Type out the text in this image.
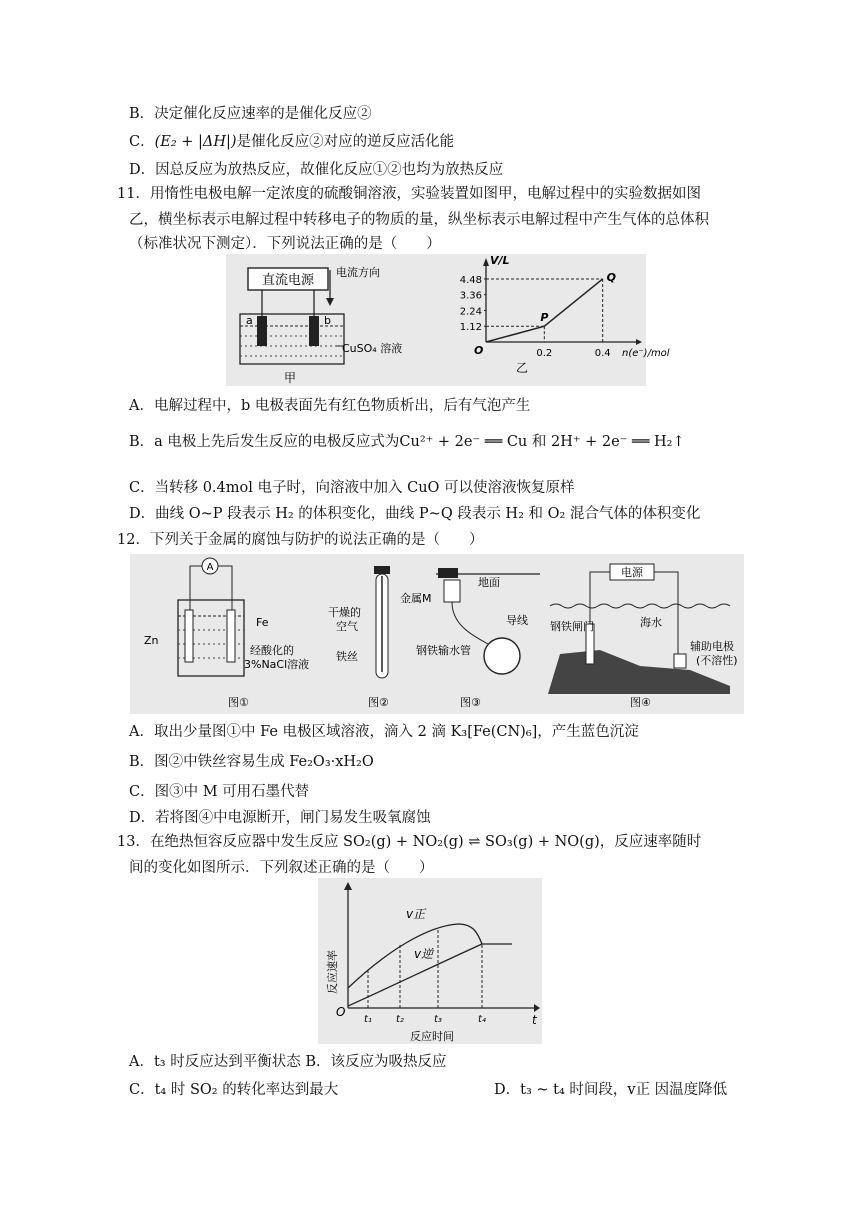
B．决定催化反应速率的是催化反应②
C．(E₂ + |ΔH|)是催化反应②对应的逆反应活化能
D．因总反应为放热反应，故催化反应①②也均为放热反应
11．用惰性电极电解一定浓度的硫酸铜溶液，实验装置如图甲，电解过程中的实验数据如图
乙，横坐标表示电解过程中转移电子的物质的量，纵坐标表示电解过程中产生气体的总体积
（标准状况下测定）．下列说法正确的是（　　）
直流电源
电流方向
a	b
CuSO₄ 溶液
甲
V/L
n(e⁻)/mol
O
1.12
2.24
3.36
4.48
0.2	0.4
P
Q
乙
A．电解过程中，b 电极表面先有红色物质析出，后有气泡产生
B．a 电极上先后发生反应的电极反应式为Cu²⁺ + 2e⁻ ══ Cu 和 2H⁺ + 2e⁻ ══ H₂↑
C．当转移 0.4mol 电子时，向溶液中加入 CuO 可以使溶液恢复原样
D．曲线 O~P 段表示 H₂ 的体积变化，曲线 P~Q 段表示 H₂ 和 O₂ 混合气体的体积变化
12．下列关于金属的腐蚀与防护的说法正确的是（　　）
A
Fe
Zn
经酸化的
3%NaCl溶液
图①
干燥的
空气
铁丝
图②
地面
金属M
导线
钢铁输水管
图③
电源
钢铁闸门	海水
辅助电极
(不溶性)
图④
A．取出少量图①中 Fe 电极区域溶液，滴入 2 滴 K₃[Fe(CN)₆]，产生蓝色沉淀
B．图②中铁丝容易生成 Fe₂O₃·xH₂O
C．图③中 M 可用石墨代替
D．若将图④中电源断开，闸门易发生吸氧腐蚀
13．在绝热恒容反应器中发生反应 SO₂(g) + NO₂(g) ⇌ SO₃(g) + NO(g)，反应速率随时
间的变化如图所示．下列叙述正确的是（　　）
反应速率
v正
v逆
O
t
t₁ t₂	t₃	t₄
反应时间
A．t₃ 时反应达到平衡状态 B．该反应为吸热反应
C．t₄ 时 SO₂ 的转化率达到最大	D．t₃ ~ t₄ 时间段，v正 因温度降低
